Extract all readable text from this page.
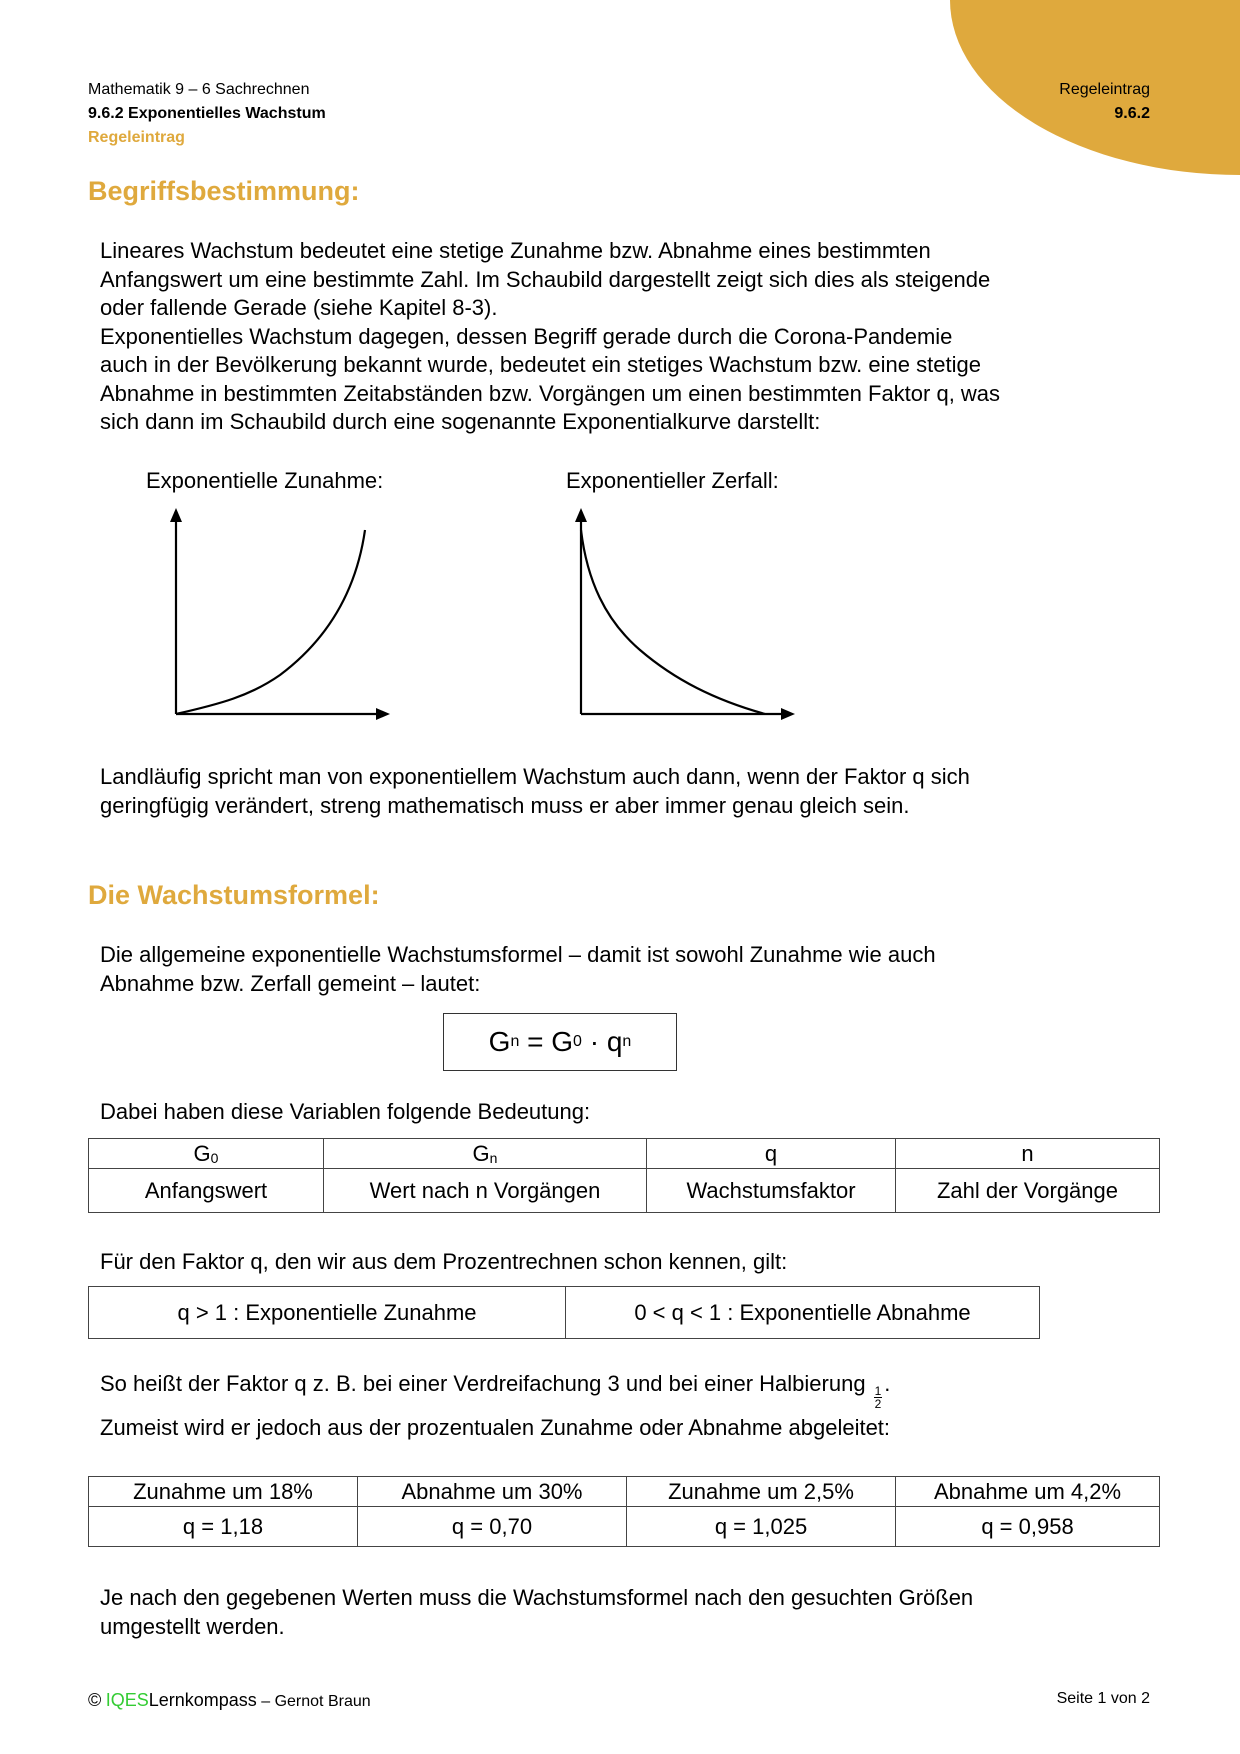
Mathematik 9 – 6 Sachrechnen
9.6.2 Exponentielles Wachstum
Regeleintrag
Regeleintrag
9.6.2
Begriffsbestimmung:
Lineares Wachstum bedeutet eine stetige Zunahme bzw. Abnahme eines bestimmten
Anfangswert um eine bestimmte Zahl. Im Schaubild dargestellt zeigt sich dies als steigende
oder fallende Gerade (siehe Kapitel 8-3).
Exponentielles Wachstum dagegen, dessen Begriff gerade durch die Corona-Pandemie
auch in der Bevölkerung bekannt wurde, bedeutet ein stetiges Wachstum bzw. eine stetige
Abnahme in bestimmten Zeitabständen bzw. Vorgängen um einen bestimmten Faktor q, was
sich dann im Schaubild durch eine sogenannte Exponentialkurve darstellt:
Exponentielle Zunahme:	Exponentieller Zerfall:
Landläufig spricht man von exponentiellem Wachstum auch dann, wenn der Faktor q sich
geringfügig verändert, streng mathematisch muss er aber immer genau gleich sein.
Die Wachstumsformel:
Die allgemeine exponentielle Wachstumsformel – damit ist sowohl Zunahme wie auch
Abnahme bzw. Zerfall gemeint – lautet:
G n = G 0 · q n
Dabei haben diese Variablen folgende Bedeutung:
$G_0$	$G_n$	q	n
Anfangswert	Wert nach n Vorgängen	Wachstumsfaktor	Zahl der Vorgänge
Für den Faktor q, den wir aus dem Prozentrechnen schon kennen, gilt:
q > 1 : Exponentielle Zunahme	0 < q < 1 : Exponentielle Abnahme
So heißt der Faktor q z. B. bei einer Verdreifachung 3 und bei einer Halbierung
$\frac{1}{2}$
.
Zumeist wird er jedoch aus der prozentualen Zunahme oder Abnahme abgeleitet:
Zunahme um 18%	Abnahme um 30%	Zunahme um 2,5%	Abnahme um 4,2%
q = 1,18	q = 0,70	q = 1,025	q = 0,958
Je nach den gegebenen Werten muss die Wachstumsformel nach den gesuchten Größen
umgestellt werden.
© IQESLernkompass – Gernot Braun	Seite 1 von 2
